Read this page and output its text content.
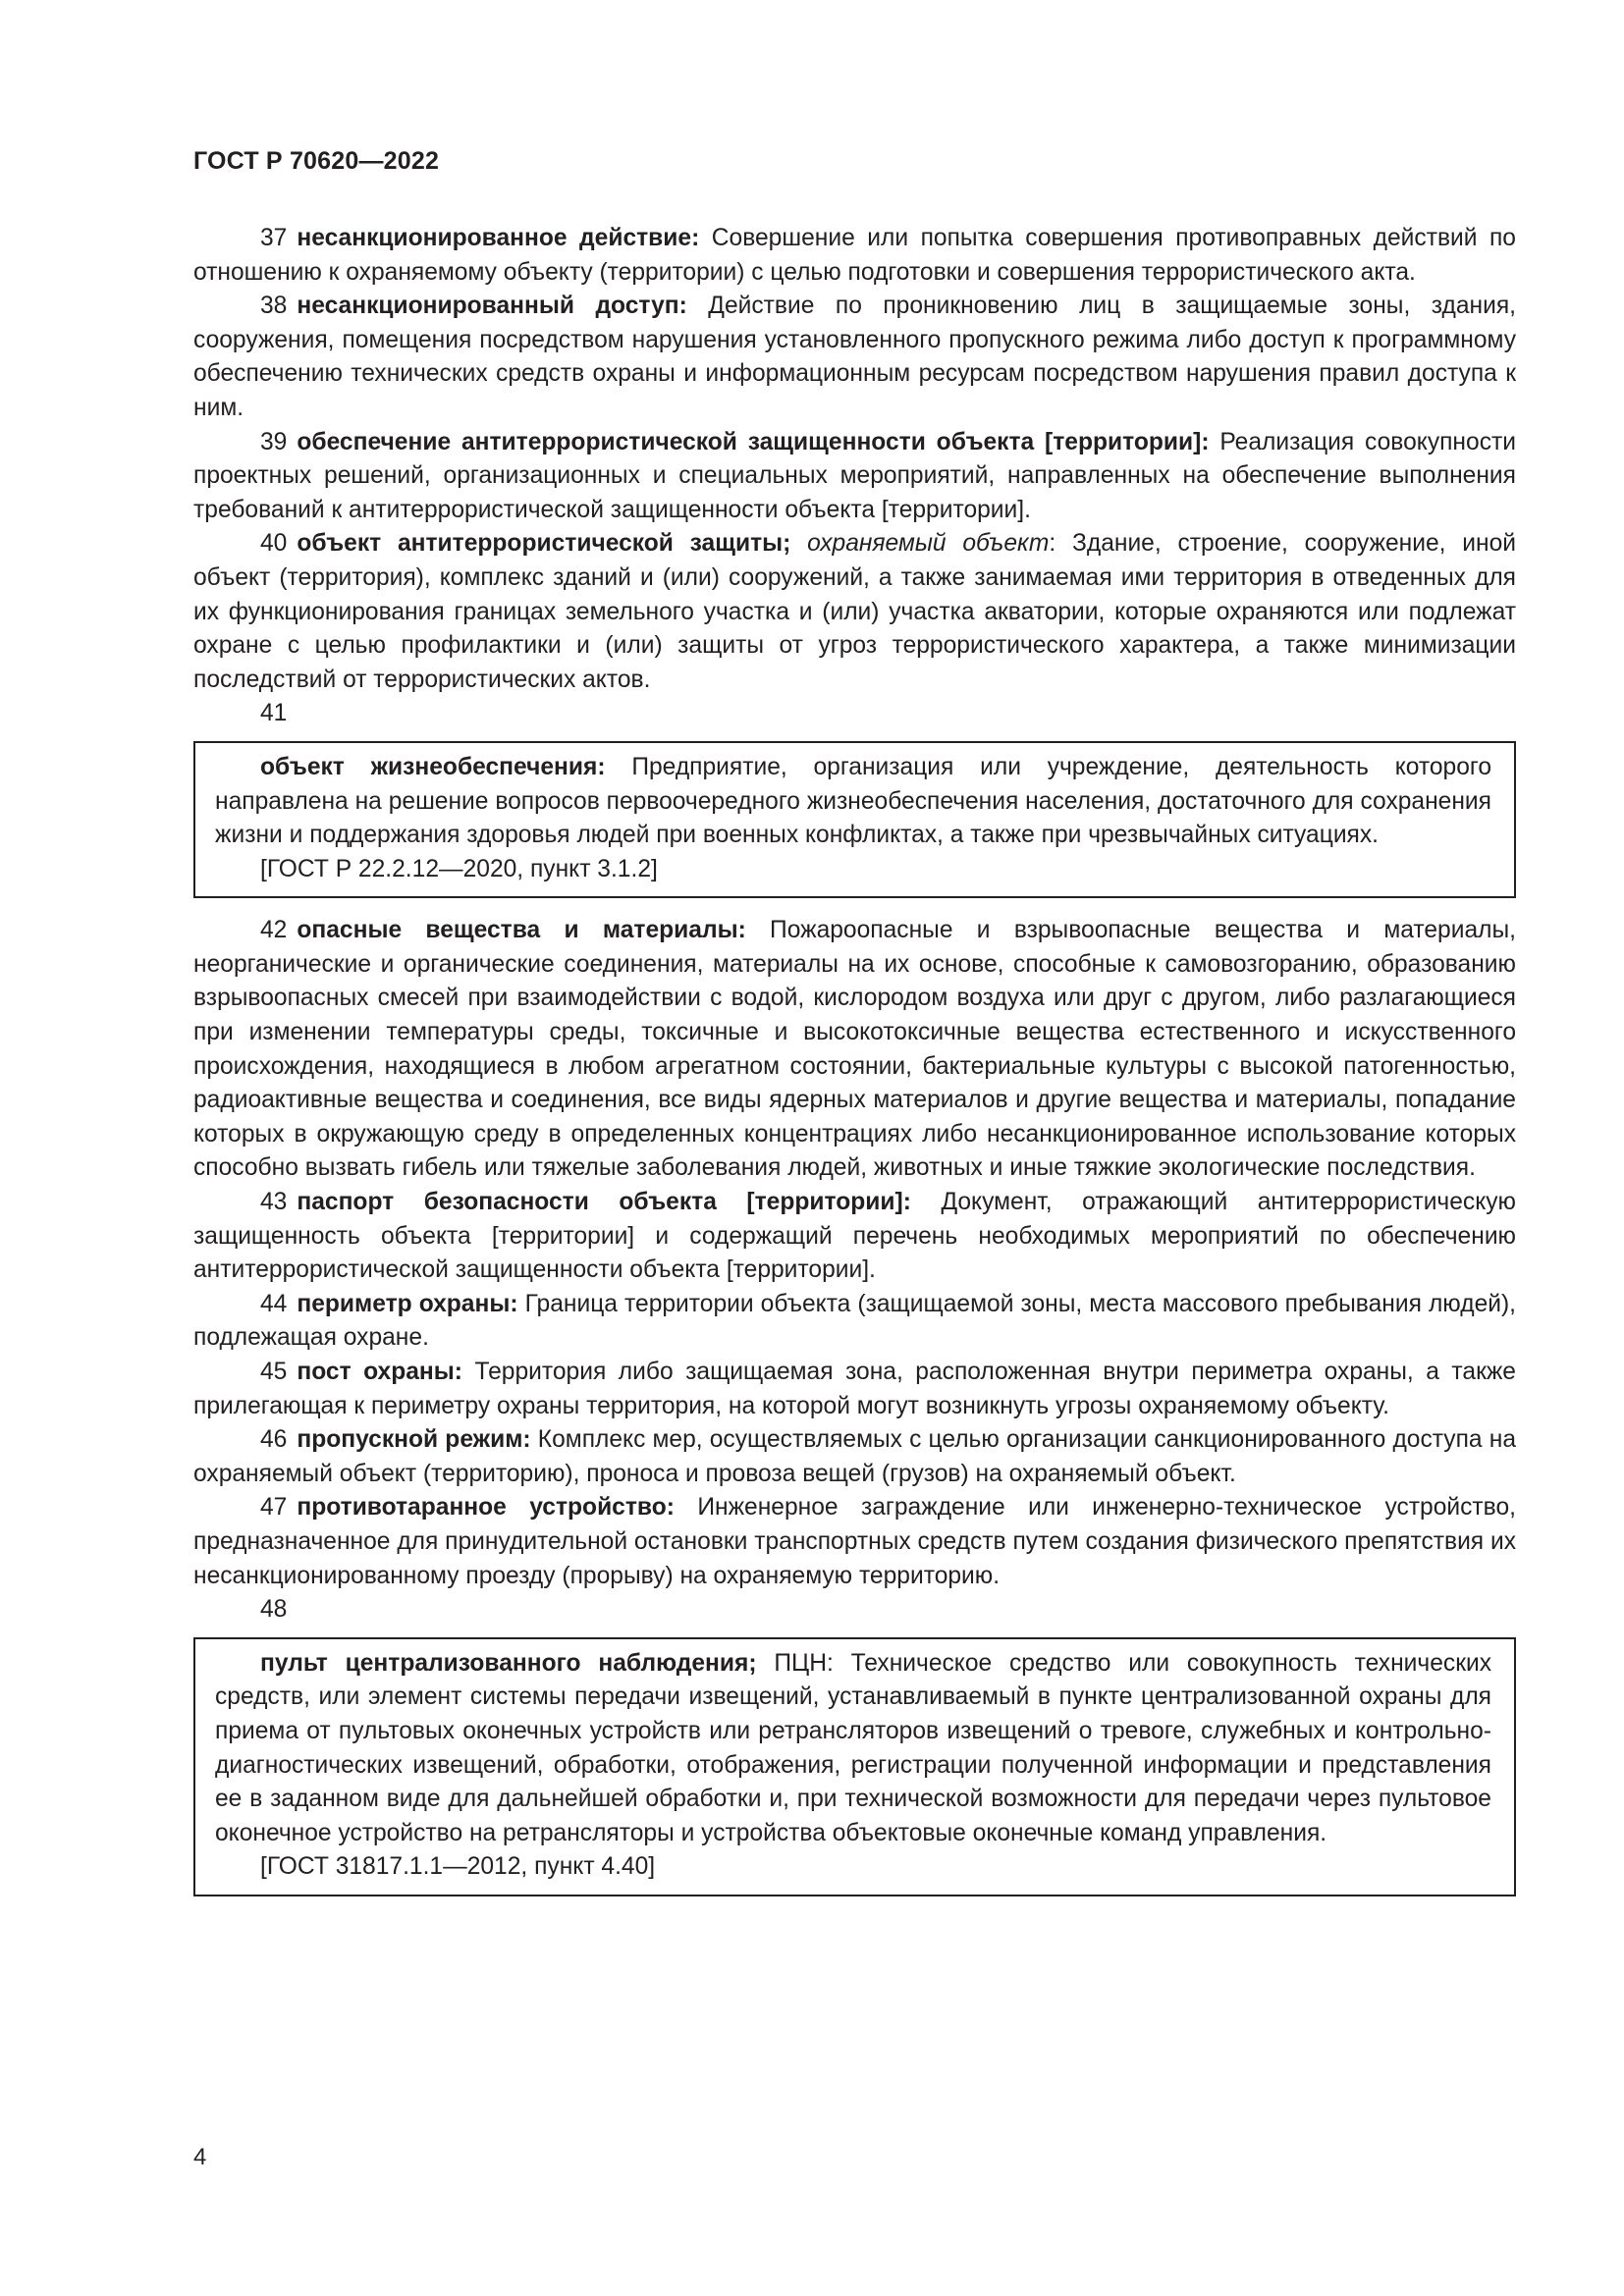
ГОСТ Р 70620—2022

37 несанкционированное действие: Совершение или попытка совершения противоправных действий по отношению к охраняемому объекту (территории) с целью подготовки и совершения террористического акта.

38 несанкционированный доступ: Действие по проникновению лиц в защищаемые зоны, здания, сооружения, помещения посредством нарушения установленного пропускного режима либо доступ к программному обеспечению технических средств охраны и информационным ресурсам посредством нарушения правил доступа к ним.

39 обеспечение антитеррористической защищенности объекта [территории]: Реализация совокупности проектных решений, организационных и специальных мероприятий, направленных на обеспечение выполнения требований к антитеррористической защищенности объекта [территории].

40 объект антитеррористической защиты; охраняемый объект: Здание, строение, сооружение, иной объект (территория), комплекс зданий и (или) сооружений, а также занимаемая ими территория в отведенных для их функционирования границах земельного участка и (или) участка акватории, которые охраняются или подлежат охране с целью профилактики и (или) защиты от угроз террористического характера, а также минимизации последствий от террористических актов.

41

объект жизнеобеспечения: Предприятие, организация или учреждение, деятельность которого направлена на решение вопросов первоочередного жизнеобеспечения населения, достаточного для сохранения жизни и поддержания здоровья людей при военных конфликтах, а также при чрезвычайных ситуациях.

[ГОСТ Р 22.2.12—2020, пункт 3.1.2]

42 опасные вещества и материалы: Пожароопасные и взрывоопасные вещества и материалы, неорганические и органические соединения, материалы на их основе, способные к самовозгоранию, образованию взрывоопасных смесей при взаимодействии с водой, кислородом воздуха или друг с другом, либо разлагающиеся при изменении температуры среды, токсичные и высокотоксичные вещества естественного и искусственного происхождения, находящиеся в любом агрегатном состоянии, бактериальные культуры с высокой патогенностью, радиоактивные вещества и соединения, все виды ядерных материалов и другие вещества и материалы, попадание которых в окружающую среду в определенных концентрациях либо несанкционированное использование которых способно вызвать гибель или тяжелые заболевания людей, животных и иные тяжкие экологические последствия.

43 паспорт безопасности объекта [территории]: Документ, отражающий антитеррористическую защищенность объекта [территории] и содержащий перечень необходимых мероприятий по обеспечению антитеррористической защищенности объекта [территории].

44 периметр охраны: Граница территории объекта (защищаемой зоны, места массового пребывания людей), подлежащая охране.

45 пост охраны: Территория либо защищаемая зона, расположенная внутри периметра охраны, а также прилегающая к периметру охраны территория, на которой могут возникнуть угрозы охраняемому объекту.

46 пропускной режим: Комплекс мер, осуществляемых с целью организации санкционированного доступа на охраняемый объект (территорию), проноса и провоза вещей (грузов) на охраняемый объект.

47 противотаранное устройство: Инженерное заграждение или инженерно-техническое устройство, предназначенное для принудительной остановки транспортных средств путем создания физического препятствия их несанкционированному проезду (прорыву) на охраняемую территорию.

48

пульт централизованного наблюдения; ПЦН: Техническое средство или совокупность технических средств, или элемент системы передачи извещений, устанавливаемый в пункте централизованной охраны для приема от пультовых оконечных устройств или ретрансляторов извещений о тревоге, служебных и контрольно-диагностических извещений, обработки, отображения, регистрации полученной информации и представления ее в заданном виде для дальнейшей обработки и, при технической возможности для передачи через пультовое оконечное устройство на ретрансляторы и устройства объектовые оконечные команд управления.

[ГОСТ 31817.1.1—2012, пункт 4.40]

4
